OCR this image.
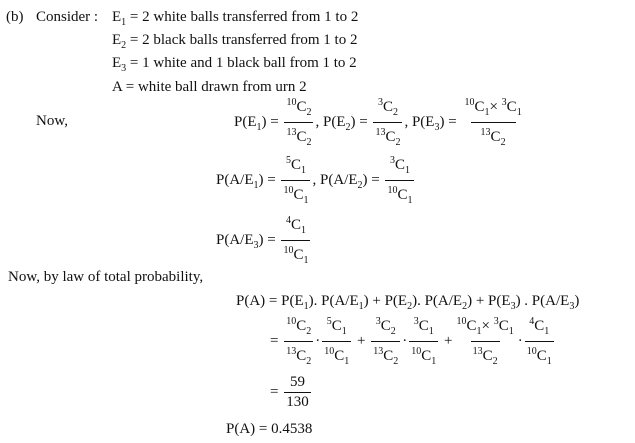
(b) Consider : $E_1 = 2$ white balls transferred from 1 to 2
$E_2 = 2$ black balls transferred from 1 to 2
$E_3 = 1$ white and 1 black ball from 1 to 2
A = white ball drawn from urn 2
Now,	$P(E_1) = \frac{^{10}C_2}{^{13}C_2}$ , $P(E_2) = \frac{^3C_2}{^{13}C_2}$ , $P(E_3) = \frac{^{10}C_1\times ^3C_1}{^{13}C_2}$
$P(A/E_1) = \frac{^5C_1}{^{10}C_1}$ , $P(A/E_2) = \frac{^3C_1}{^{10}C_1}$
$P(A/E_3) = \frac{^4C_1}{^{10}C_1}$
Now, by law of total probability,
$P(A) = P(E_1)$. $P(A/E_1) + P(E_2)$. $P(A/E_2) + P(E_3)$ . $P(A/E_3)$
= $\frac{^{10}C_2}{^{13}C_2} \cdot \frac{^5C_1}{^{10}C_1} + \frac{^3C_2}{^{13}C_2} \cdot \frac{^3C_1}{^{10}C_1} + \frac{^{10}C_1\times ^3C_1}{^{13}C_2} \cdot \frac{^4C_1}{^{10}C_1}$
= $\frac{59}{130}$
P(A) = 0.4538
